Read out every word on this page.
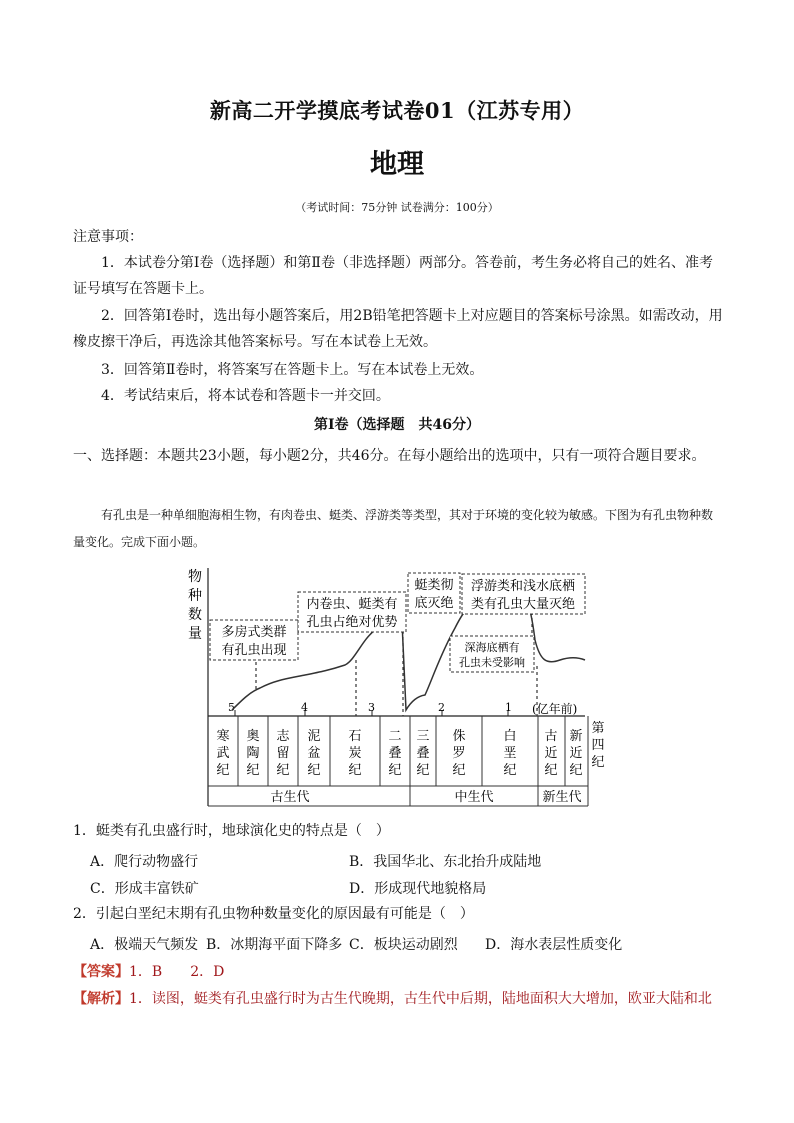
新高二开学摸底考试卷01（江苏专用）
地理
（考试时间：75分钟 试卷满分：100分）
注意事项：
1．本试卷分第Ⅰ卷（选择题）和第Ⅱ卷（非选择题）两部分。答卷前，考生务必将自己的姓名、准考证号填写在答题卡上。
2．回答第Ⅰ卷时，选出每小题答案后，用2B铅笔把答题卡上对应题目的答案标号涂黑。如需改动，用橡皮擦干净后，再选涂其他答案标号。写在本试卷上无效。
3．回答第Ⅱ卷时，将答案写在答题卡上。写在本试卷上无效。
4．考试结束后，将本试卷和答题卡一并交回。
第Ⅰ卷（选择题　共46分）
一、选择题：本题共23小题，每小题2分，共46分。在每小题给出的选项中，只有一项符合题目要求。
有孔虫是一种单细胞海相生物，有肉卷虫、蜓类、浮游类等类型，其对于环境的变化较为敏感。下图为有孔虫物种数量变化。完成下面小题。
物
种
数
量
5	4	3	2	1 (亿年前)
多房式类群
有孔虫出现
内卷虫、蜓类有
孔虫占绝对优势
蜓类彻
底灭绝
浮游类和浅水底栖
类有孔虫大量灭绝
深海底栖有
孔虫未受影响
寒
武
纪
奥
陶
纪
志
留
纪
泥
盆
纪
石
炭
纪
二
叠
纪
三
叠
纪
侏
罗
纪
白
垩
纪
古
近
纪
新
近
纪
第
四
纪
古生代	中生代	新生代
1．蜓类有孔虫盛行时，地球演化史的特点是（　）
A．爬行动物盛行	B．我国华北、东北抬升成陆地
C．形成丰富铁矿	D．形成现代地貌格局
2．引起白垩纪末期有孔虫物种数量变化的原因最有可能是（　）
A．极端天气频发 B．冰期海平面下降多 C．板块运动剧烈 D．海水表层性质变化
【答案】1．B　　2．D
【解析】1．读图，蜓类有孔虫盛行时为古生代晚期，古生代中后期，陆地面积大大增加，欧亚大陆和北
